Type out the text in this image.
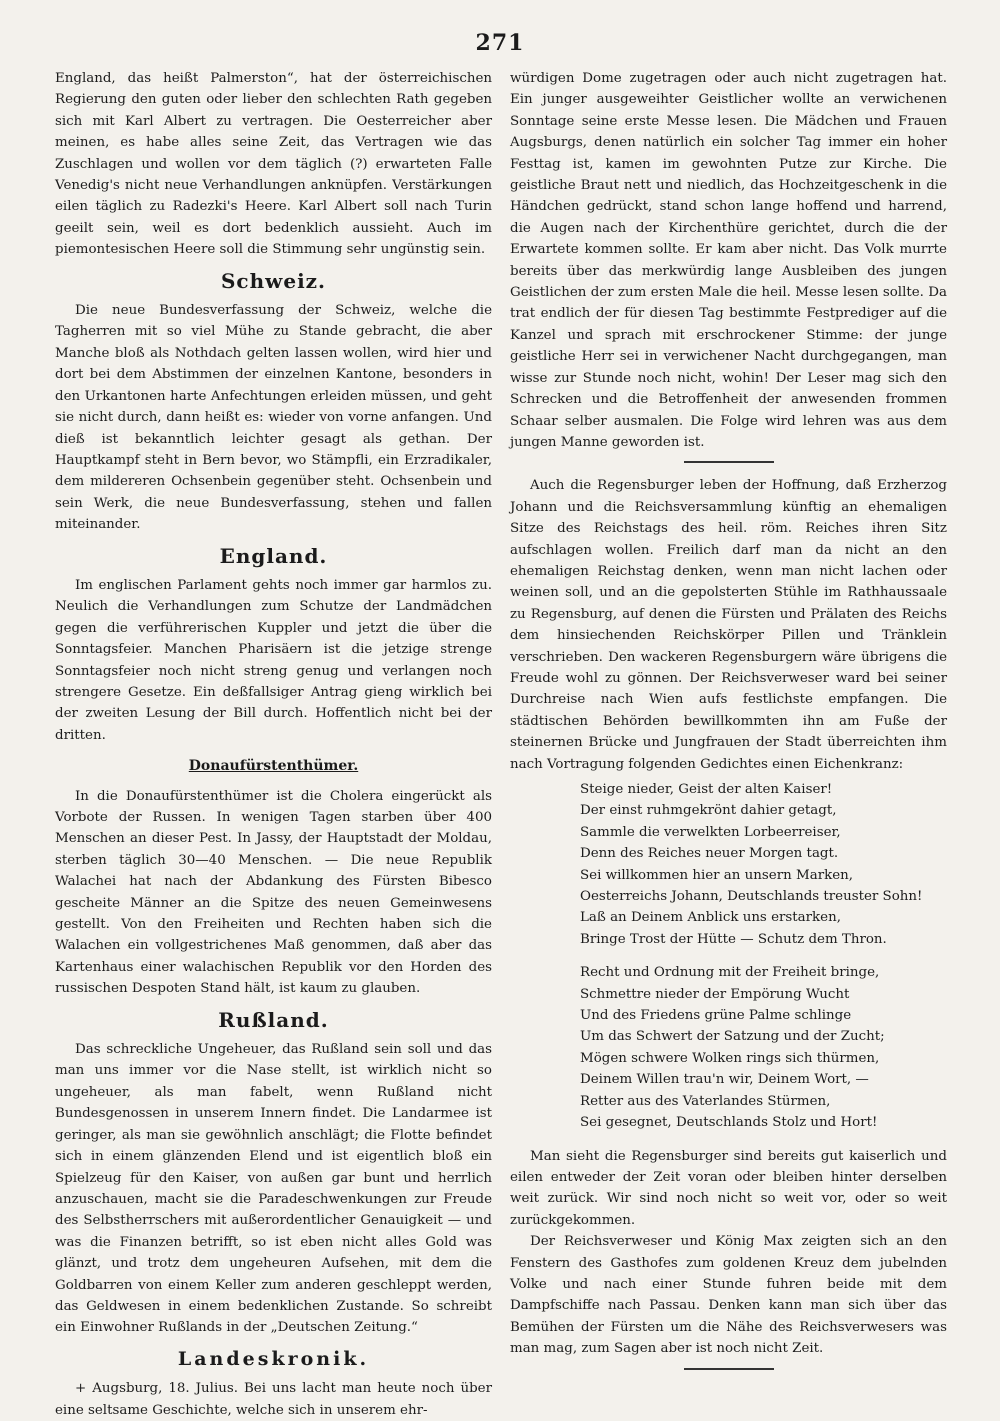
271

England, das heißt Palmerston“, hat der österreichischen Regierung den guten oder lieber den schlechten Rath gegeben sich mit Karl Albert zu vertragen. Die Oesterreicher aber meinen, es habe alles seine Zeit, das Vertragen wie das Zuschlagen und wollen vor dem täglich (?) erwarteten Falle Venedig's nicht neue Verhandlungen anknüpfen. Verstärkungen eilen täglich zu Radezki's Heere. Karl Albert soll nach Turin geeilt sein, weil es dort bedenklich aussieht. Auch im piemontesischen Heere soll die Stimmung sehr ungünstig sein.

Schweiz.

Die neue Bundesverfassung der Schweiz, welche die Tagherren mit so viel Mühe zu Stande gebracht, die aber Manche bloß als Nothdach gelten lassen wollen, wird hier und dort bei dem Abstimmen der einzelnen Kantone, besonders in den Urkantonen harte Anfechtungen erleiden müssen, und geht sie nicht durch, dann heißt es: wieder von vorne anfangen. Und dieß ist bekanntlich leichter gesagt als gethan. Der Hauptkampf steht in Bern bevor, wo Stämpfli, ein Erzradikaler, dem mildereren Ochsenbein gegenüber steht. Ochsenbein und sein Werk, die neue Bundesverfassung, stehen und fallen miteinander.

England.

Im englischen Parlament gehts noch immer gar harmlos zu. Neulich die Verhandlungen zum Schutze der Landmädchen gegen die verführerischen Kuppler und jetzt die über die Sonntagsfeier. Manchen Pharisäern ist die jetzige strenge Sonntagsfeier noch nicht streng genug und verlangen noch strengere Gesetze. Ein deßfallsiger Antrag gieng wirklich bei der zweiten Lesung der Bill durch. Hoffentlich nicht bei der dritten.

Donaufürstenthümer.

In die Donaufürstenthümer ist die Cholera eingerückt als Vorbote der Russen. In wenigen Tagen starben über 400 Menschen an dieser Pest. In Jassy, der Hauptstadt der Moldau, sterben täglich 30—40 Menschen. — Die neue Republik Walachei hat nach der Abdankung des Fürsten Bibesco gescheite Männer an die Spitze des neuen Gemeinwesens gestellt. Von den Freiheiten und Rechten haben sich die Walachen ein vollgestrichenes Maß genommen, daß aber das Kartenhaus einer walachischen Republik vor den Horden des russischen Despoten Stand hält, ist kaum zu glauben.

Rußland.

Das schreckliche Ungeheuer, das Rußland sein soll und das man uns immer vor die Nase stellt, ist wirklich nicht so ungeheuer, als man fabelt, wenn Rußland nicht Bundesgenossen in unserem Innern findet. Die Landarmee ist geringer, als man sie gewöhnlich anschlägt; die Flotte befindet sich in einem glänzenden Elend und ist eigentlich bloß ein Spielzeug für den Kaiser, von außen gar bunt und herrlich anzuschauen, macht sie die Paradeschwenkungen zur Freude des Selbstherrschers mit außerordentlicher Genauigkeit — und was die Finanzen betrifft, so ist eben nicht alles Gold was glänzt, und trotz dem ungeheuren Aufsehen, mit dem die Goldbarren von einem Keller zum anderen geschleppt werden, das Geldwesen in einem bedenklichen Zustande. So schreibt ein Einwohner Rußlands in der „Deutschen Zeitung.“

Landeskronik.

+ Augsburg, 18. Julius. Bei uns lacht man heute noch über eine seltsame Geschichte, welche sich in unserem ehr-

würdigen Dome zugetragen oder auch nicht zugetragen hat. Ein junger ausgeweihter Geistlicher wollte an verwichenen Sonntage seine erste Messe lesen. Die Mädchen und Frauen Augsburgs, denen natürlich ein solcher Tag immer ein hoher Festtag ist, kamen im gewohnten Putze zur Kirche. Die geistliche Braut nett und niedlich, das Hochzeitgeschenk in die Händchen gedrückt, stand schon lange hoffend und harrend, die Augen nach der Kirchenthüre gerichtet, durch die der Erwartete kommen sollte. Er kam aber nicht. Das Volk murrte bereits über das merkwürdig lange Ausbleiben des jungen Geistlichen der zum ersten Male die heil. Messe lesen sollte. Da trat endlich der für diesen Tag bestimmte Festprediger auf die Kanzel und sprach mit erschrockener Stimme: der junge geistliche Herr sei in verwichener Nacht durchgegangen, man wisse zur Stunde noch nicht, wohin! Der Leser mag sich den Schrecken und die Betroffenheit der anwesenden frommen Schaar selber ausmalen. Die Folge wird lehren was aus dem jungen Manne geworden ist.

Auch die Regensburger leben der Hoffnung, daß Erzherzog Johann und die Reichsversammlung künftig an ehemaligen Sitze des Reichstags des heil. röm. Reiches ihren Sitz aufschlagen wollen. Freilich darf man da nicht an den ehemaligen Reichstag denken, wenn man nicht lachen oder weinen soll, und an die gepolsterten Stühle im Rathhaussaale zu Regensburg, auf denen die Fürsten und Prälaten des Reichs dem hinsiechenden Reichskörper Pillen und Tränklein verschrieben. Den wackeren Regensburgern wäre übrigens die Freude wohl zu gönnen. Der Reichsverweser ward bei seiner Durchreise nach Wien aufs festlichste empfangen. Die städtischen Behörden bewillkommten ihn am Fuße der steinernen Brücke und Jungfrauen der Stadt überreichten ihm nach Vortragung folgenden Gedichtes einen Eichenkranz:

Steige nieder, Geist der alten Kaiser!
Der einst ruhmgekrönt dahier getagt,
Sammle die verwelkten Lorbeerreiser,
Denn des Reiches neuer Morgen tagt.
Sei willkommen hier an unsern Marken,
Oesterreichs Johann, Deutschlands treuster Sohn!
Laß an Deinem Anblick uns erstarken,
Bringe Trost der Hütte — Schutz dem Thron.
Recht und Ordnung mit der Freiheit bringe,
Schmettre nieder der Empörung Wucht
Und des Friedens grüne Palme schlinge
Um das Schwert der Satzung und der Zucht;
Mögen schwere Wolken rings sich thürmen,
Deinem Willen trau'n wir, Deinem Wort, —
Retter aus des Vaterlandes Stürmen,
Sei gesegnet, Deutschlands Stolz und Hort!

Man sieht die Regensburger sind bereits gut kaiserlich und eilen entweder der Zeit voran oder bleiben hinter derselben weit zurück. Wir sind noch nicht so weit vor, oder so weit zurückgekommen.

Der Reichsverweser und König Max zeigten sich an den Fenstern des Gasthofes zum goldenen Kreuz dem jubelnden Volke und nach einer Stunde fuhren beide mit dem Dampfschiffe nach Passau. Denken kann man sich über das Bemühen der Fürsten um die Nähe des Reichsverwesers was man mag, zum Sagen aber ist noch nicht Zeit.
